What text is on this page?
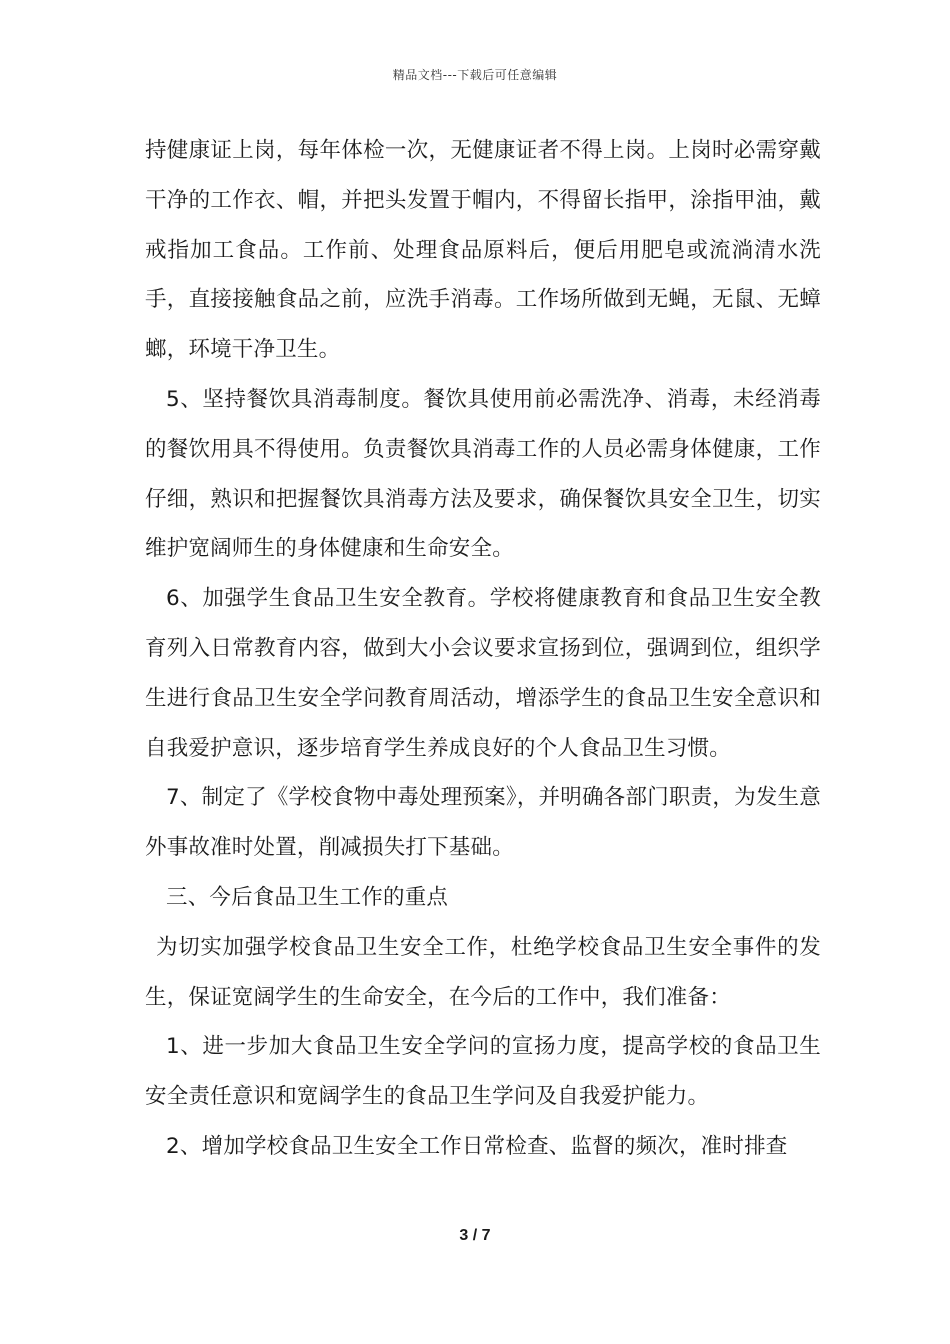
精品文档---下载后可任意编辑

持健康证上岗，每年体检一次，无健康证者不得上岗。上岗时必需穿戴干净的工作衣、帽，并把头发置于帽内，不得留长指甲，涂指甲油，戴戒指加工食品。工作前、处理食品原料后，便后用肥皂或流淌清水洗手，直接接触食品之前，应洗手消毒。工作场所做到无蝇，无鼠、无蟑螂，环境干净卫生。

5、坚持餐饮具消毒制度。餐饮具使用前必需洗净、消毒，未经消毒的餐饮用具不得使用。负责餐饮具消毒工作的人员必需身体健康，工作仔细，熟识和把握餐饮具消毒方法及要求，确保餐饮具安全卫生，切实维护宽阔师生的身体健康和生命安全。

6、加强学生食品卫生安全教育。学校将健康教育和食品卫生安全教育列入日常教育内容，做到大小会议要求宣扬到位，强调到位，组织学生进行食品卫生安全学问教育周活动，增添学生的食品卫生安全意识和自我爱护意识，逐步培育学生养成良好的个人食品卫生习惯。

7、制定了《学校食物中毒处理预案》，并明确各部门职责，为发生意外事故准时处置，削减损失打下基础。

三、今后食品卫生工作的重点

为切实加强学校食品卫生安全工作，杜绝学校食品卫生安全事件的发生，保证宽阔学生的生命安全，在今后的工作中，我们准备：

1、进一步加大食品卫生安全学问的宣扬力度，提高学校的食品卫生安全责任意识和宽阔学生的食品卫生学问及自我爱护能力。

2、增加学校食品卫生安全工作日常检查、监督的频次，准时排查

3 / 7
